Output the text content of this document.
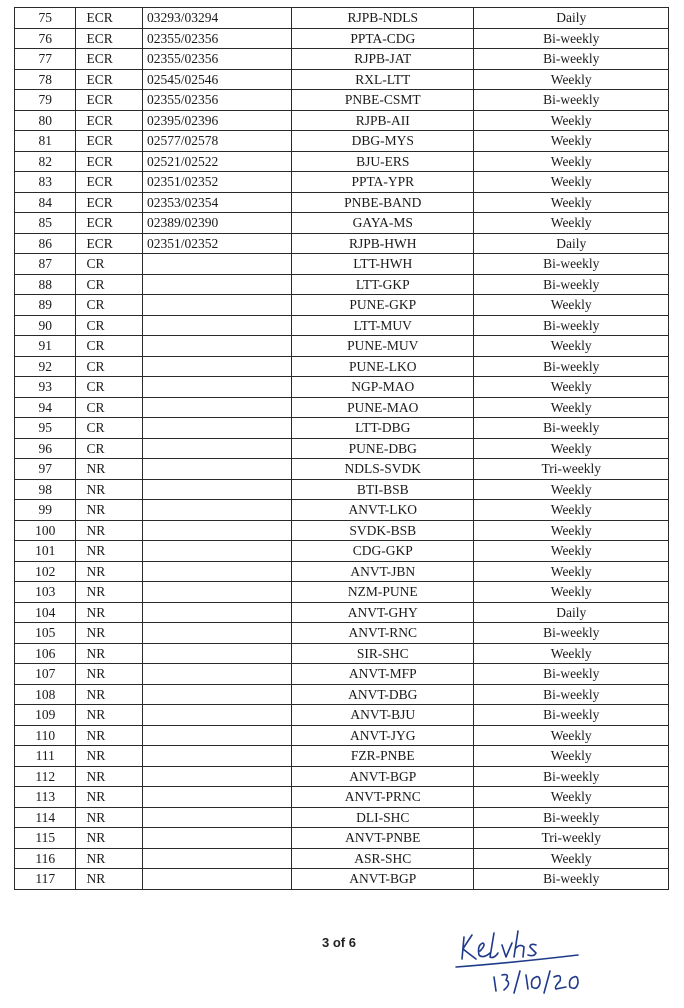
75	ECR	03293/03294	RJPB-NDLS	Daily
76	ECR	02355/02356	PPTA-CDG	Bi-weekly
77	ECR	02355/02356	RJPB-JAT	Bi-weekly
78	ECR	02545/02546	RXL-LTT	Weekly
79	ECR	02355/02356	PNBE-CSMT	Bi-weekly
80	ECR	02395/02396	RJPB-AII	Weekly
81	ECR	02577/02578	DBG-MYS	Weekly
82	ECR	02521/02522	BJU-ERS	Weekly
83	ECR	02351/02352	PPTA-YPR	Weekly
84	ECR	02353/02354	PNBE-BAND	Weekly
85	ECR	02389/02390	GAYA-MS	Weekly
86	ECR	02351/02352	RJPB-HWH	Daily
87	CR		LTT-HWH	Bi-weekly
88	CR		LTT-GKP	Bi-weekly
89	CR		PUNE-GKP	Weekly
90	CR		LTT-MUV	Bi-weekly
91	CR		PUNE-MUV	Weekly
92	CR		PUNE-LKO	Bi-weekly
93	CR		NGP-MAO	Weekly
94	CR		PUNE-MAO	Weekly
95	CR		LTT-DBG	Bi-weekly
96	CR		PUNE-DBG	Weekly
97	NR		NDLS-SVDK	Tri-weekly
98	NR		BTI-BSB	Weekly
99	NR		ANVT-LKO	Weekly
100	NR		SVDK-BSB	Weekly
101	NR		CDG-GKP	Weekly
102	NR		ANVT-JBN	Weekly
103	NR		NZM-PUNE	Weekly
104	NR		ANVT-GHY	Daily
105	NR		ANVT-RNC	Bi-weekly
106	NR		SIR-SHC	Weekly
107	NR		ANVT-MFP	Bi-weekly
108	NR		ANVT-DBG	Bi-weekly
109	NR		ANVT-BJU	Bi-weekly
110	NR		ANVT-JYG	Weekly
111	NR		FZR-PNBE	Weekly
112	NR		ANVT-BGP	Bi-weekly
113	NR		ANVT-PRNC	Weekly
114	NR		DLI-SHC	Bi-weekly
115	NR		ANVT-PNBE	Tri-weekly
116	NR		ASR-SHC	Weekly
117	NR		ANVT-BGP	Bi-weekly
3 of 6
